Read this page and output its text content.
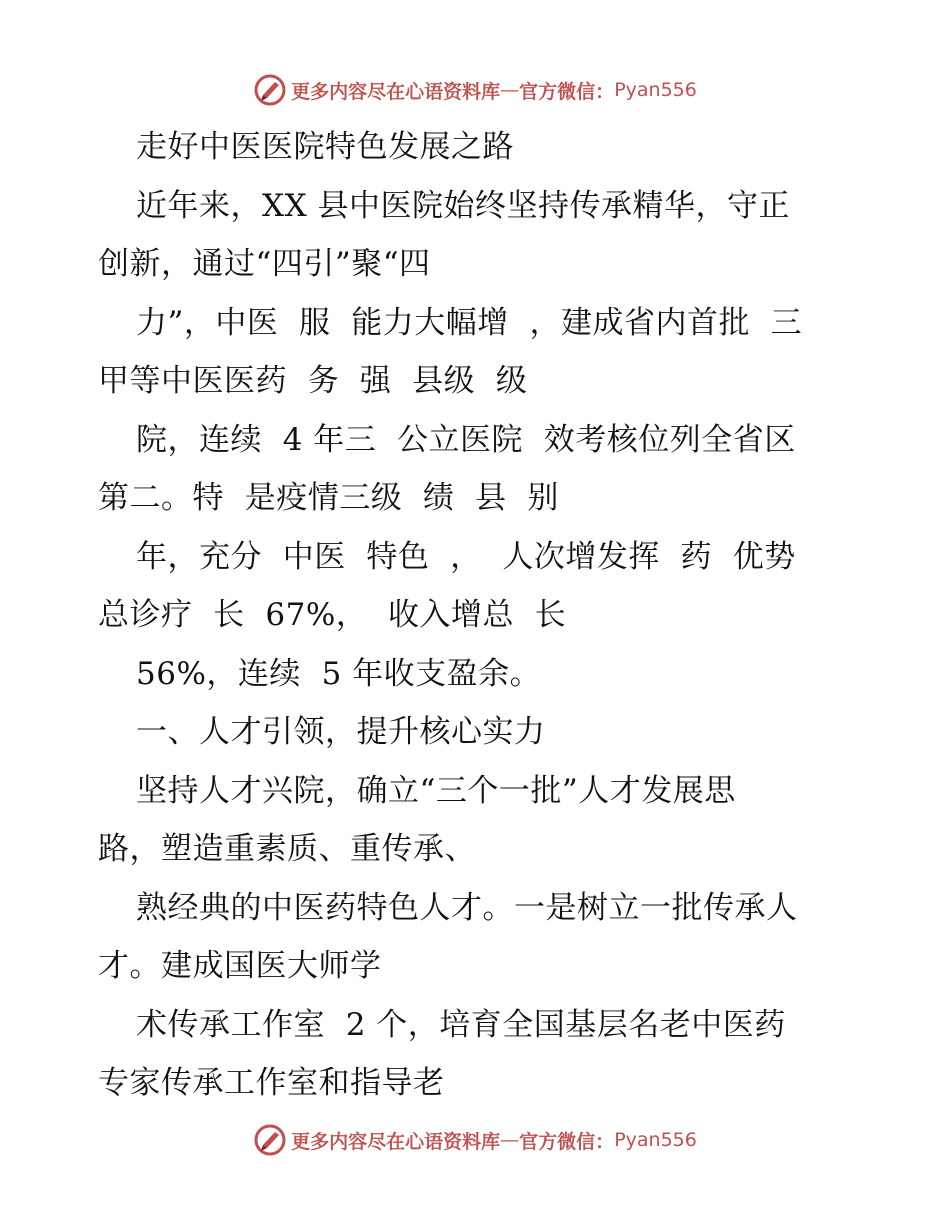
更多内容尽在心语资料库 — 官方微信： Pyan556
走好中医医院特色发展之路
近年来，XX 县中医院始终坚持传承精华，守正
创新，通过“四引”聚“四
力”，中医  服  能力大幅增  ，建成省内首批  三
甲等中医医药  务  强  县级  级
院，连续  4 年三  公立医院  效考核位列全省区
第二。特  是疫情三级  绩  县  别
年，充分  中医  特色  ，  人次增发挥  药  优势
总诊疗  长  67%，  收入增总  长
56%，连续  5 年收支盈余。
一、人才引领，提升核心实力
坚持人才兴院，确立“三个一批”人才发展思
路，塑造重素质、重传承、
熟经典的中医药特色人才。一是树立一批传承人
才。建成国医大师学
术传承工作室  2 个，培育全国基层名老中医药
专家传承工作室和指导老
更多内容尽在心语资料库 — 官方微信： Pyan556
